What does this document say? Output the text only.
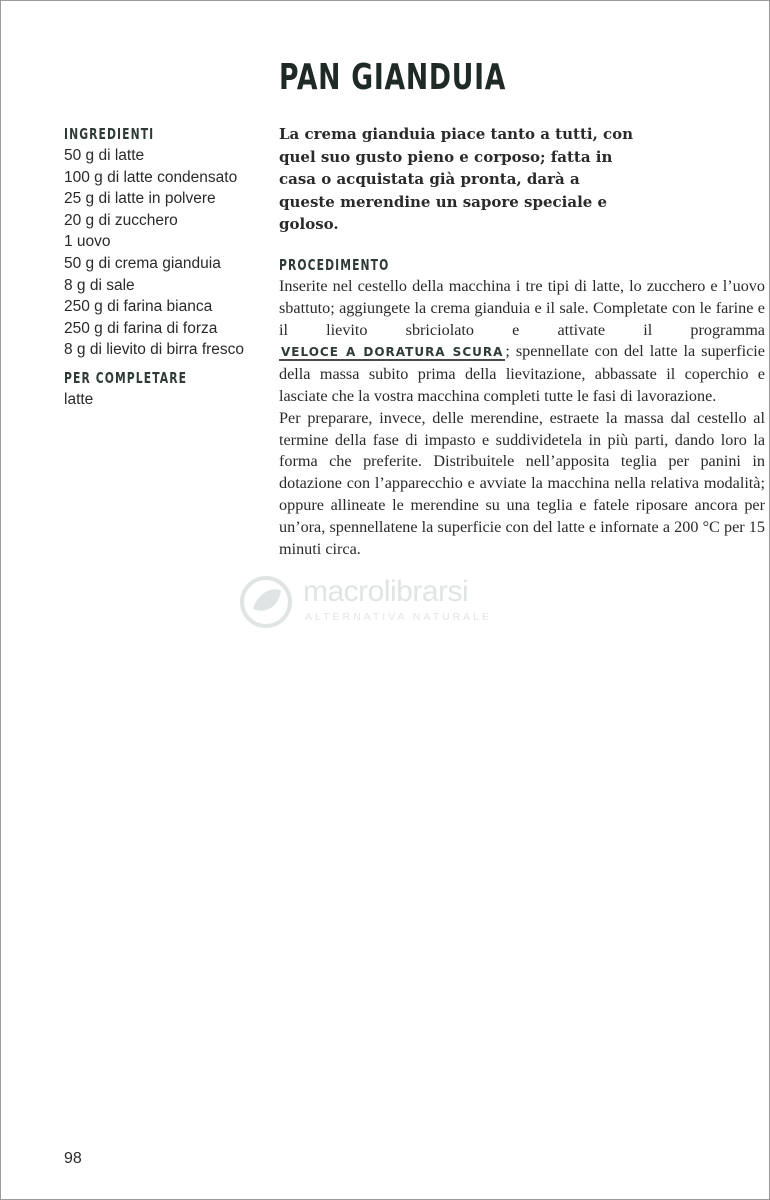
PAN GIANDUIA
INGREDIENTI
50 g di latte
100 g di latte condensato
25 g di latte in polvere
20 g di zucchero
1 uovo
50 g di crema gianduia
8 g di sale
250 g di farina bianca
250 g di farina di forza
8 g di lievito di birra fresco
PER COMPLETARE
latte

La crema gianduia piace tanto a tutti, con quel suo gusto pieno e corposo; fatta in casa o acquistata già pronta, darà a queste merendine un sapore speciale e goloso.

PROCEDIMENTO

Inserite nel cestello della macchina i tre tipi di latte, lo zucchero e l’uovo sbattuto; aggiungete la crema gianduia e il sale. Completate con le farine e il lievito sbriciolato e attivate il programma VELOCE A DORATURA SCURA ; spennellate con del latte la superficie della massa subito prima della lievitazione, abbassate il coperchio e lasciate che la vostra macchina completi tutte le fasi di lavorazione.

Per preparare, invece, delle merendine, estraete la massa dal cestello al termine della fase di impasto e suddividetela in più parti, dando loro la forma che preferite. Distribuitele nell’apposita teglia per panini in dotazione con l’apparecchio e avviate la macchina nella relativa modalità; oppure allineate le merendine su una teglia e fatele riposare ancora per un’ora, spennellatene la superficie con del latte e infornate a 200 °C per 15 minuti circa.

macrolibrarsi
ALTERNATIVA NATURALE
98
